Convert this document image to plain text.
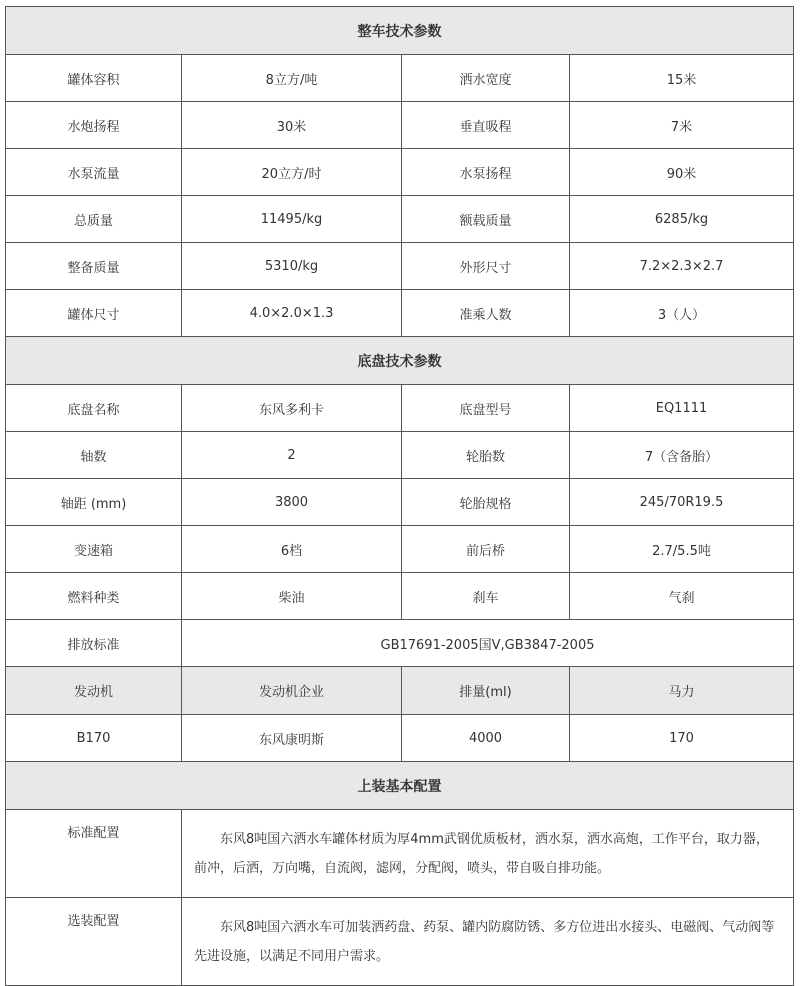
整车技术参数			
罐体容积	8立方/吨	洒水宽度	15米
水炮扬程	30米	垂直吸程	7米
水泵流量	20立方/时	水泵扬程	90米
总质量	11495/kg	额载质量	6285/kg
整备质量	5310/kg	外形尺寸	7.2×2.3×2.7
罐体尺寸	4.0×2.0×1.3	准乘人数	3（人）
底盘技术参数			
底盘名称	东风多利卡	底盘型号	EQ1111
轴数	2	轮胎数	7（含备胎）
轴距 (mm)	3800	轮胎规格	245/70R19.5
变速箱	6档	前后桥	2.7/5.5吨
燃料种类	柴油	刹车	气刹
排放标准	GB17691-2005国Ⅴ,GB3847-2005		
发动机	发动机企业	排量(ml)	马力
B170	东风康明斯	4000	170
上装基本配置			
标准配置	东风8吨国六洒水车罐体材质为厚4mm武钢优质板材，洒水泵，洒水高炮，工作平台，取力器，前冲，后洒，万向嘴，自流阀，滤网，分配阀，喷头，带自吸自排功能。		
选装配置	东风8吨国六洒水车可加装洒药盘、药泵、罐内防腐防锈、多方位进出水接头、电磁阀、气动阀等先进设施，以满足不同用户需求。		
